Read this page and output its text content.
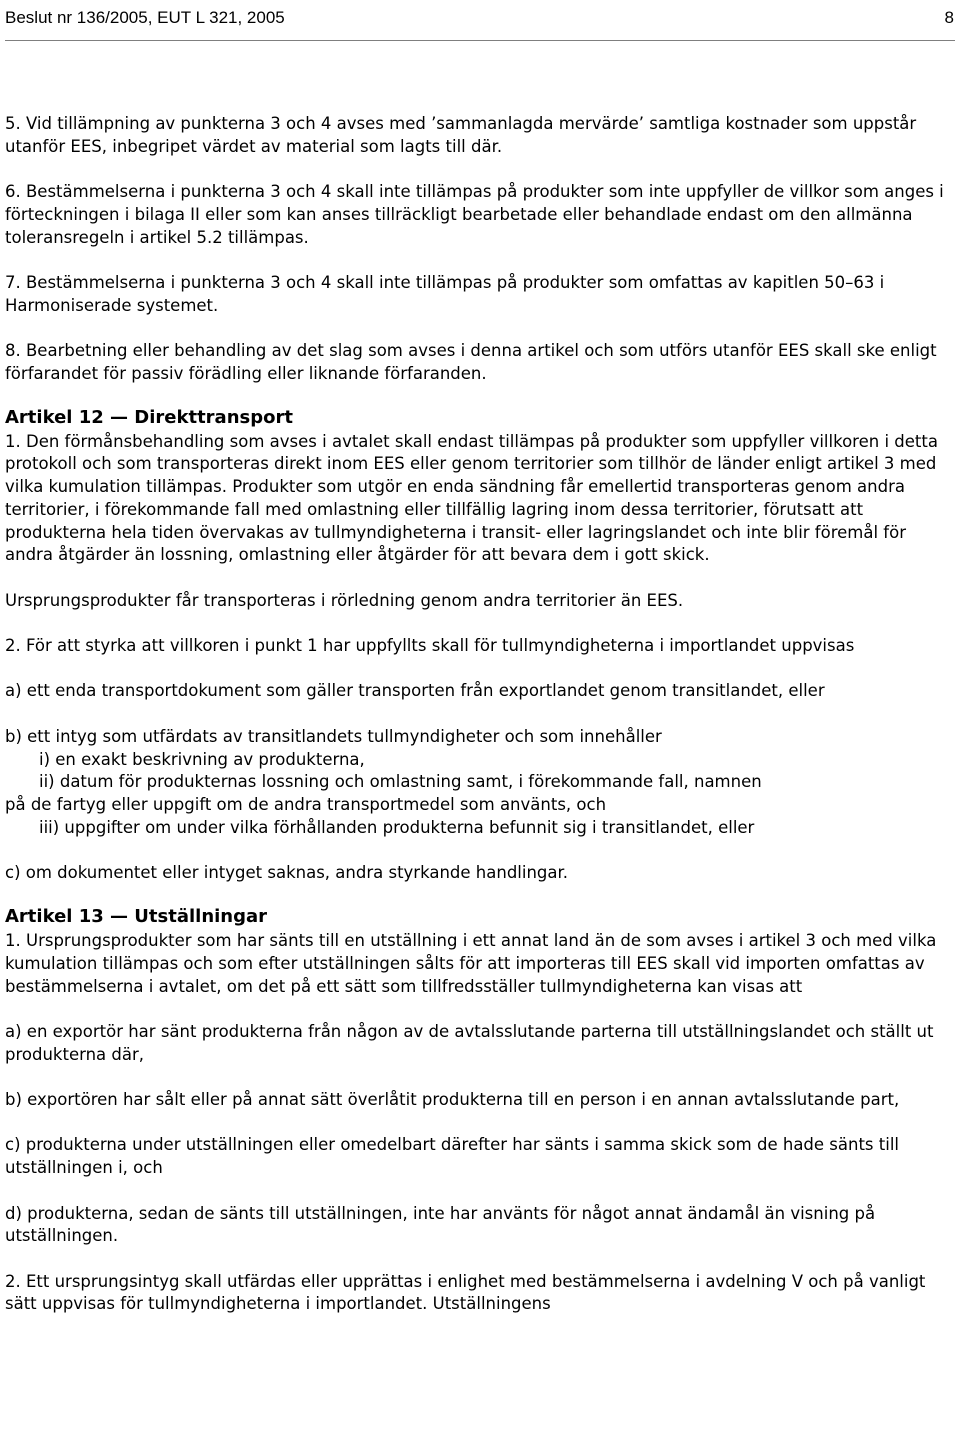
Beslut nr 136/2005, EUT L 321, 2005	8

5. Vid tillämpning av punkterna 3 och 4 avses med ’sammanlagda mervärde’ samtliga kostnader som uppstår utanför EES, inbegripet värdet av material som lagts till där.

6. Bestämmelserna i punkterna 3 och 4 skall inte tillämpas på produkter som inte uppfyller de villkor som anges i förteckningen i bilaga II eller som kan anses tillräckligt bearbetade eller behandlade endast om den allmänna toleransregeln i artikel 5.2 tillämpas.

7. Bestämmelserna i punkterna 3 och 4 skall inte tillämpas på produkter som omfattas av kapitlen 50–63 i Harmoniserade systemet.

8. Bearbetning eller behandling av det slag som avses i denna artikel och som utförs utanför EES skall ske enligt förfarandet för passiv förädling eller liknande förfaranden.

Artikel 12 — Direkttransport

1. Den förmånsbehandling som avses i avtalet skall endast tillämpas på produkter som uppfyller villkoren i detta protokoll och som transporteras direkt inom EES eller genom territorier som tillhör de länder enligt artikel 3 med vilka kumulation tillämpas. Produkter som utgör en enda sändning får emellertid transporteras genom andra territorier, i förekommande fall med omlastning eller tillfällig lagring inom dessa territorier, förutsatt att produkterna hela tiden övervakas av tullmyndigheterna i transit- eller lagringslandet och inte blir föremål för andra åtgärder än lossning, omlastning eller åtgärder för att bevara dem i gott skick.

Ursprungsprodukter får transporteras i rörledning genom andra territorier än EES.

2. För att styrka att villkoren i punkt 1 har uppfyllts skall för tullmyndigheterna i importlandet uppvisas

a) ett enda transportdokument som gäller transporten från exportlandet genom transitlandet, eller

b) ett intyg som utfärdats av transitlandets tullmyndigheter och som innehåller

i) en exakt beskrivning av produkterna,

ii) datum för produkternas lossning och omlastning samt, i förekommande fall, namnen

på de fartyg eller uppgift om de andra transportmedel som använts, och

iii) uppgifter om under vilka förhållanden produkterna befunnit sig i transitlandet, eller

c) om dokumentet eller intyget saknas, andra styrkande handlingar.

Artikel 13 — Utställningar

1. Ursprungsprodukter som har sänts till en utställning i ett annat land än de som avses i artikel 3 och med vilka kumulation tillämpas och som efter utställningen sålts för att importeras till EES skall vid importen omfattas av bestämmelserna i avtalet, om det på ett sätt som tillfredsställer tullmyndigheterna kan visas att

a) en exportör har sänt produkterna från någon av de avtalsslutande parterna till utställningslandet och ställt ut produkterna där,

b) exportören har sålt eller på annat sätt överlåtit produkterna till en person i en annan avtalsslutande part,

c) produkterna under utställningen eller omedelbart därefter har sänts i samma skick som de hade sänts till utställningen i, och

d) produkterna, sedan de sänts till utställningen, inte har använts för något annat ändamål än visning på utställningen.

2. Ett ursprungsintyg skall utfärdas eller upprättas i enlighet med bestämmelserna i avdelning V och på vanligt sätt uppvisas för tullmyndigheterna i importlandet. Utställningens
